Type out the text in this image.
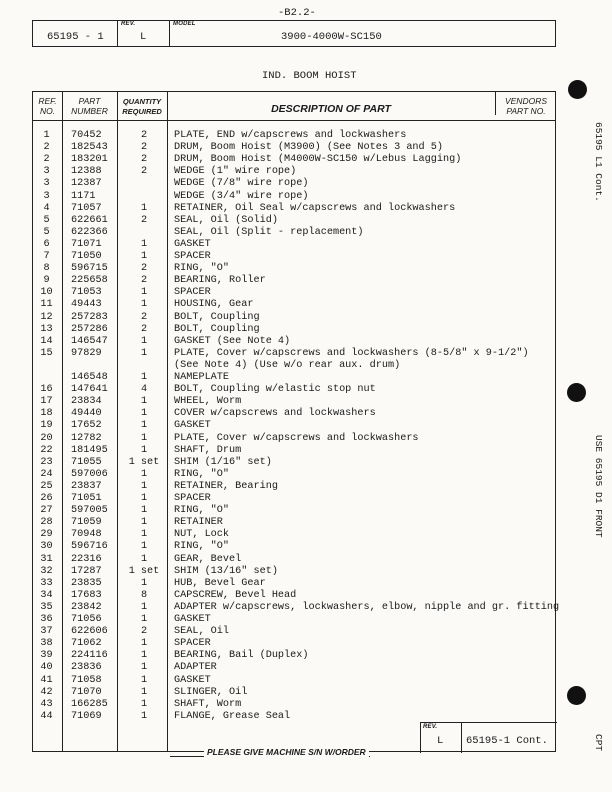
-B2.2-
REV.	MODEL
65195 - 1	L	3900-4000W-SC150
IND. BOOM HOIST
REF.
NO.
PART
NUMBER
QUANTITY
REQUIRED	DESCRIPTION OF PART
VENDORS
PART NO.
1	70452	2	PLATE, END w/capscrews and lockwashers
2	182543	2	DRUM, Boom Hoist (M3900) (See Notes 3 and 5)
2	183201	2	DRUM, Boom Hoist (M4000W-SC150 w/Lebus Lagging)
3	12388	2	WEDGE (1" wire rope)
3	12387	WEDGE (7/8" wire rope)
3	1171	WEDGE (3/4" wire rope)
4	71057	1	RETAINER, Oil Seal w/capscrews and lockwashers
5	622661	2	SEAL, Oil (Solid)
5	622366	SEAL, Oil (Split - replacement)
6	71071	1	GASKET
7	71050	1	SPACER
8	596715	2	RING, "O"
9	225658	2	BEARING, Roller
10	71053	1	SPACER
11	49443	1	HOUSING, Gear
12	257283	2	BOLT, Coupling
13	257286	2	BOLT, Coupling
14	146547	1	GASKET (See Note 4)
15	97829	1	PLATE, Cover w/capscrews and lockwashers (8-5/8" x 9-1/2")
(See Note 4) (Use w/o rear aux. drum)
146548	1	NAMEPLATE
16	147641	4	BOLT, Coupling w/elastic stop nut
17	23834	1	WHEEL, Worm
18	49440	1	COVER w/capscrews and lockwashers
19	17652	1	GASKET
20	12782	1	PLATE, Cover w/capscrews and lockwashers
22	181495	1	SHAFT, Drum
23	71055	1 set	SHIM (1/16" set)
24	597006	1	RING, "O"
25	23837	1	RETAINER, Bearing
26	71051	1	SPACER
27	597005	1	RING, "O"
28	71059	1	RETAINER
29	70948	1	NUT, Lock
30	596716	1	RING, "O"
31	22316	1	GEAR, Bevel
32	17287	1 set	SHIM (13/16" set)
33	23835	1	HUB, Bevel Gear
34	17683	8	CAPSCREW, Bevel Head
35	23842	1	ADAPTER w/capscrews, lockwashers, elbow, nipple and gr. fitting
36	71056	1	GASKET
37	622606	2	SEAL, Oil
38	71062	1	SPACER
39	224116	1	BEARING, Bail (Duplex)
40	23836	1	ADAPTER
41	71058	1	GASKET
42	71070	1	SLINGER, Oil
43	166285	1	SHAFT, Worm
44	71069	1	FLANGE, Grease Seal
REV.
L 65195-1 Cont.
PLEASE GIVE MACHINE S/N W/ORDER
65195 L1 Cont.
USE 65195 D1 FRONT
CPT
